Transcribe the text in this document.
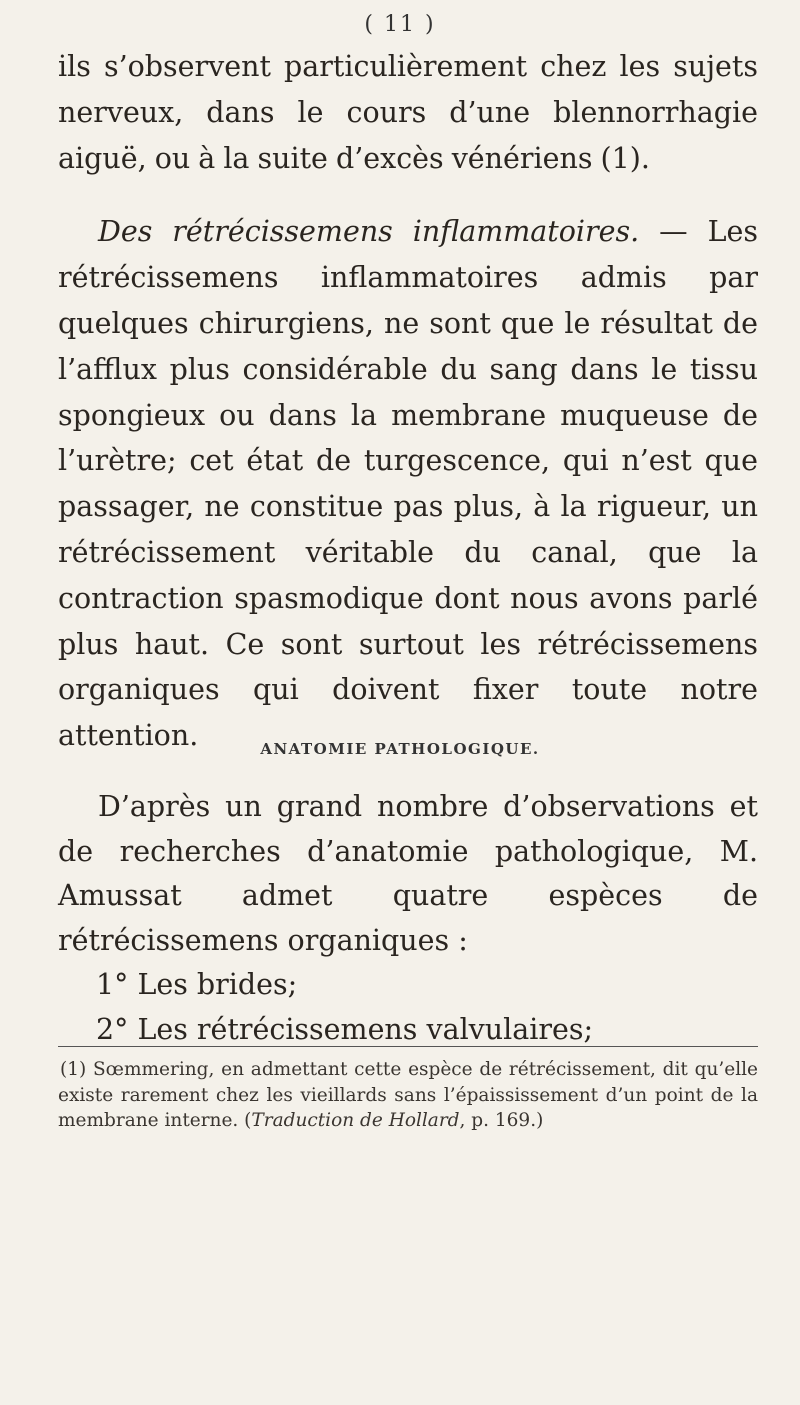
( 11 )

ils s’observent particulièrement chez les sujets nerveux, dans le cours d’une blennorrhagie aiguë, ou à la suite d’excès vénériens (1).

Des rétrécissemens inflammatoires. — Les rétrécissemens inflammatoires admis par quelques chirurgiens, ne sont que le résultat de l’afflux plus considérable du sang dans le tissu spongieux ou dans la membrane muqueuse de l’urètre; cet état de turgescence, qui n’est que passager, ne constitue pas plus, à la rigueur, un rétrécissement véritable du canal, que la contraction spasmodique dont nous avons parlé plus haut. Ce sont surtout les rétrécissemens organiques qui doivent fixer toute notre attention.	ANATOMIE PATHOLOGIQUE.

D’après un grand nombre d’observations et de recherches d’anatomie pathologique, M. Amussat admet quatre espèces de rétrécissemens organiques :

1° Les brides;

2° Les rétrécissemens valvulaires;

(1) Sœmmering, en admettant cette espèce de rétrécissement, dit qu’elle existe rarement chez les vieillards sans l’épaississement d’un point de la membrane interne. (Traduction de Hollard, p. 169.)
